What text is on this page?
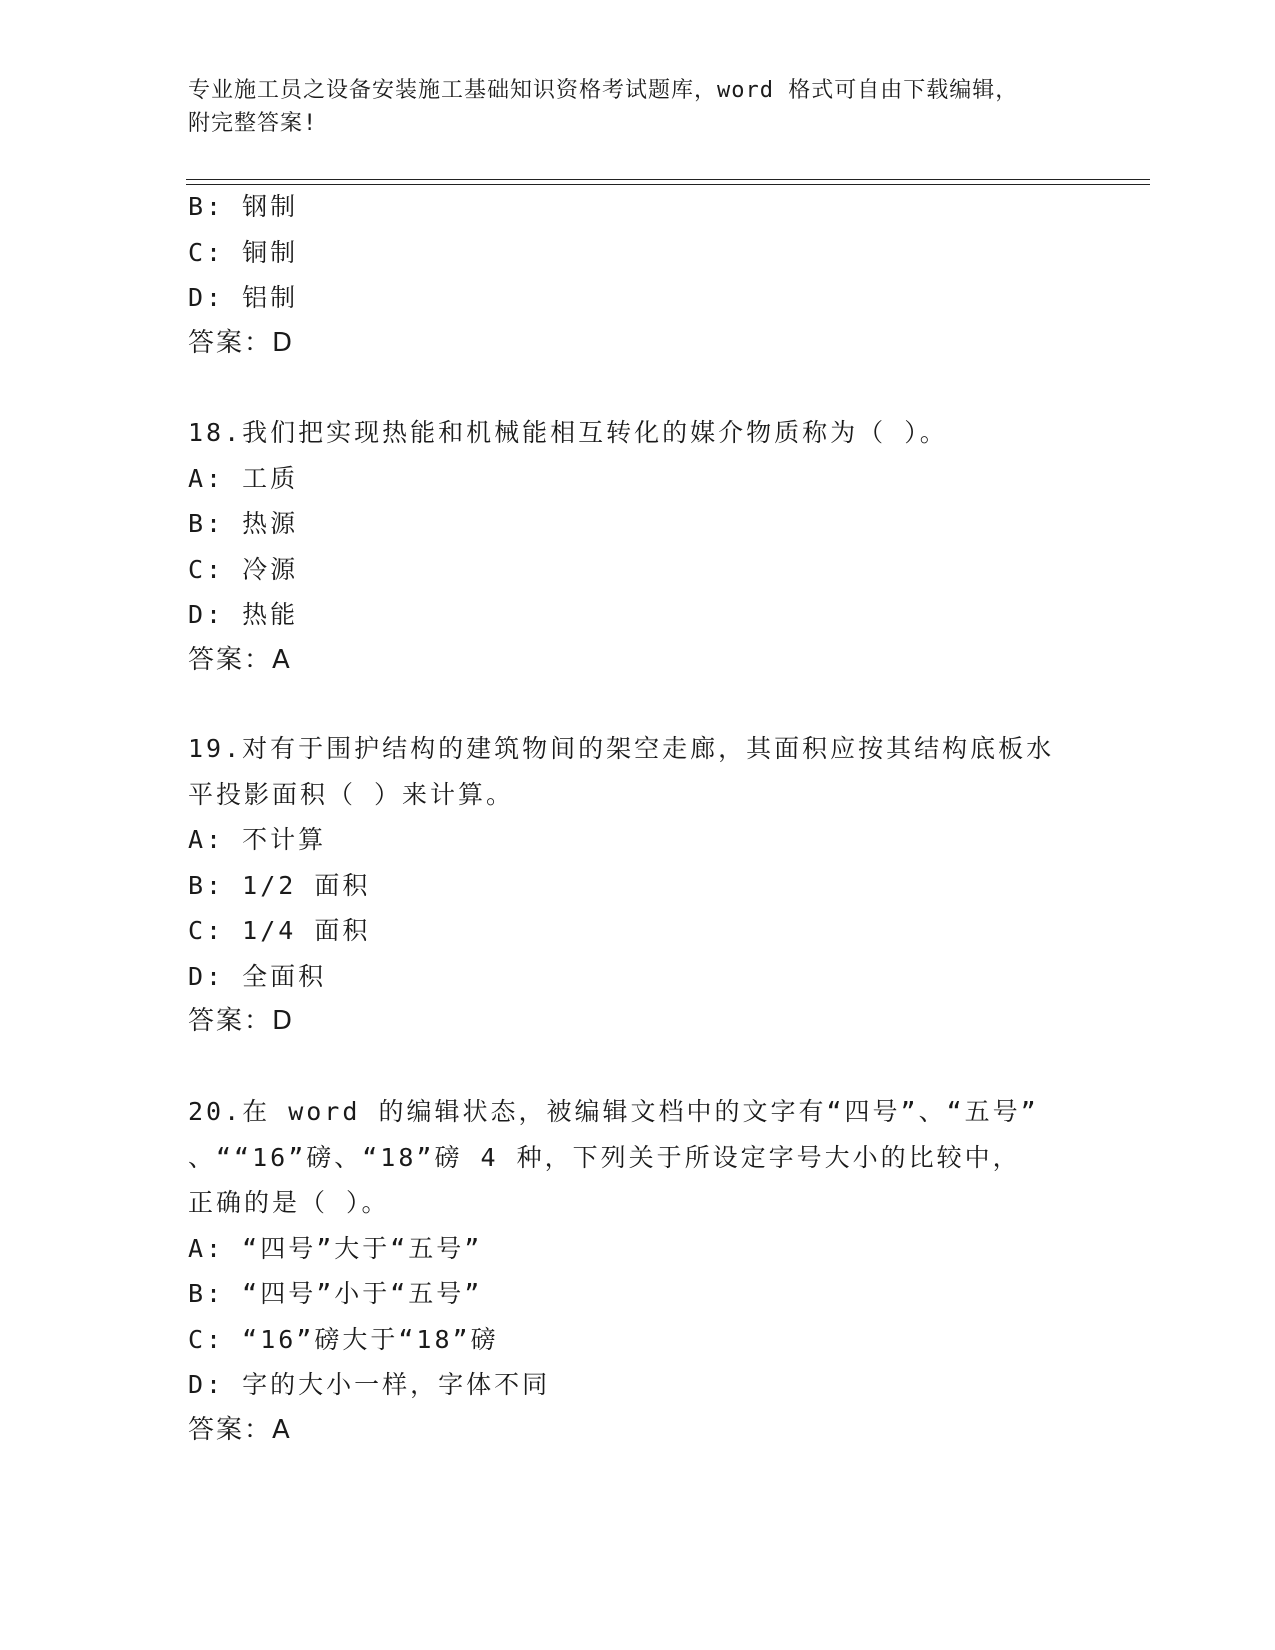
专业施工员之设备安装施工基础知识资格考试题库，word 格式可自由下载编辑，
附完整答案!
B: 钢制
C: 铜制
D: 铝制
答案：D
18.我们把实现热能和机械能相互转化的媒介物质称为（ ）。
A: 工质
B: 热源
C: 冷源
D: 热能
答案：A
19.对有于围护结构的建筑物间的架空走廊，其面积应按其结构底板水
平投影面积（ ）来计算。
A: 不计算
B: 1/2 面积
C: 1/4 面积
D: 全面积
答案：D
20.在 word 的编辑状态，被编辑文档中的文字有“四号”、“五号”
、““16”磅、“18”磅 4 种，下列关于所设定字号大小的比较中，
正确的是（ ）。
A: “四号”大于“五号”
B: “四号”小于“五号”
C: “16”磅大于“18”磅
D: 字的大小一样，字体不同
答案：A
